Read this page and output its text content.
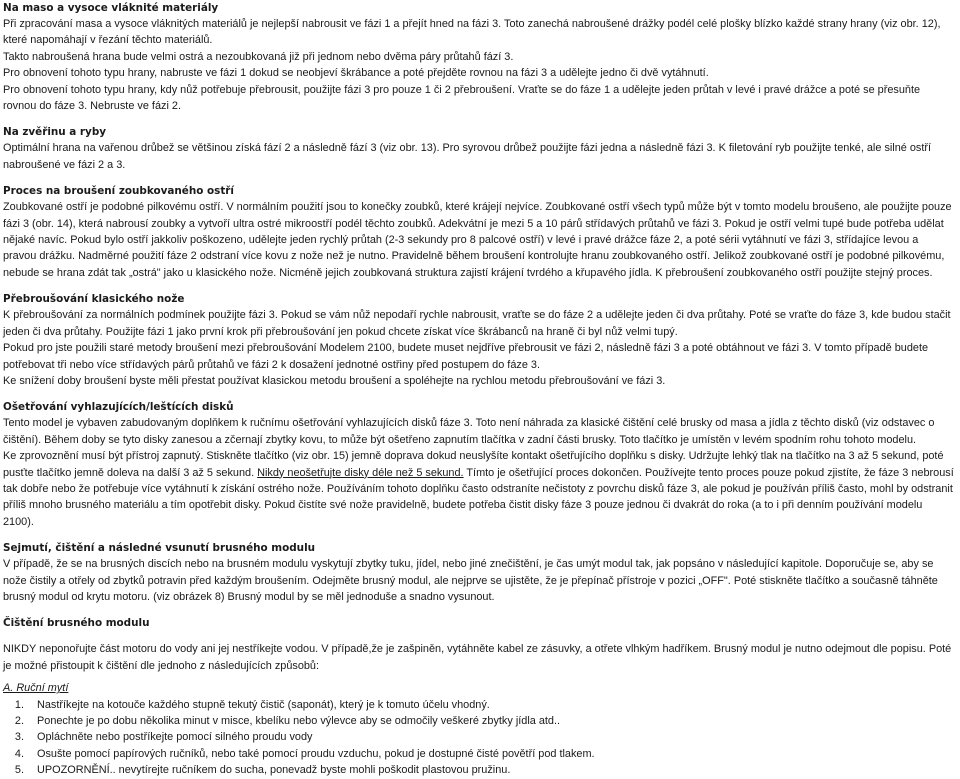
Na maso a vysoce vláknité materiály

Při zpracování masa a vysoce vláknitých materiálů je nejlepší nabrousit ve fázi 1 a přejít hned na fázi 3. Toto zanechá nabroušené drážky podél celé plošky blízko každé strany hrany (viz obr. 12), které napomáhají v řezání těchto materiálů.

Takto nabroušená hrana bude velmi ostrá a nezoubkovaná již při jednom nebo dvěma páry průtahů fází 3.

Pro obnovení tohoto typu hrany, nabruste ve fázi 1 dokud se neobjeví škrábance a poté přejděte rovnou na fázi 3 a udělejte jedno či dvě vytáhnutí.

Pro obnovení tohoto typu hrany, kdy nůž potřebuje přebrousit, použijte fázi 3 pro pouze 1 či 2 přebroušení. Vraťte se do fáze 1 a udělejte jeden průtah v levé i pravé drážce a poté se přesuňte rovnou do fáze 3. Nebruste ve fázi 2.

Na zvěřinu a ryby

Optimální hrana na vařenou drůbež se většinou získá fází 2 a následně fází 3 (viz obr. 13). Pro syrovou drůbež použijte fázi jedna a následně fázi 3. K filetování ryb použijte tenké, ale silné ostří nabroušené ve fázi 2 a 3.

Proces na broušení zoubkovaného ostří

Zoubkované ostří je podobné pilkovému ostří. V normálním použití jsou to konečky zoubků, které krájejí nejvíce. Zoubkované ostří všech typů může být v tomto modelu broušeno, ale použijte pouze fázi 3 (obr. 14), která nabrousí zoubky a vytvoří ultra ostré mikroostří podél těchto zoubků. Adekvátní je mezi 5 a 10 párů střídavých průtahů ve fázi 3. Pokud je ostří velmi tupé bude potřeba udělat nějaké navíc. Pokud bylo ostří jakkoliv poškozeno, udělejte jeden rychlý průtah (2-3 sekundy pro 8 palcové ostří) v levé i pravé drážce fáze 2, a poté sérii vytáhnutí ve fázi 3, střídajíce levou a pravou drážku. Nadměrné použití fáze 2 odstraní více kovu z nože než je nutno. Pravidelně během broušení kontrolujte hranu zoubkovaného ostří. Jelikož zoubkované ostří je podobné pilkovému, nebude se hrana zdát tak „ostrá" jako u klasického nože. Nicméně jejich zoubkovaná struktura zajistí krájení tvrdého a křupavého jídla. K přebroušení zoubkovaného ostří použijte stejný proces.

Přebroušování klasického nože

K přebroušování za normálních podmínek použijte fázi 3. Pokud se vám nůž nepodaří rychle nabrousit, vraťte se do fáze 2 a udělejte jeden či dva průtahy. Poté se vraťte do fáze 3, kde budou stačit jeden či dva průtahy. Použijte fázi 1 jako první krok při přebroušování jen pokud chcete získat více škrábanců na hraně či byl nůž velmi tupý.

Pokud pro jste použili staré metody broušení mezi přebroušování Modelem 2100, budete muset nejdříve přebrousit ve fázi 2, následně fázi 3 a poté obtáhnout ve fázi 3. V tomto případě budete potřebovat tři nebo více střídavých párů průtahů ve fázi 2 k dosažení jednotné ostřiny před postupem do fáze 3.

Ke snížení doby broušení byste měli přestat používat klasickou metodu broušení a spoléhejte na rychlou metodu přebroušování ve fázi 3.

Ošetřování vyhlazujících/leštících disků

Tento model je vybaven zabudovaným doplňkem k ručnímu ošetřování vyhlazujících disků fáze 3. Toto není náhrada za klasické čištění celé brusky od masa a jídla z těchto disků (viz odstavec o čištění). Během doby se tyto disky zanesou a zčernají zbytky kovu, to může být ošetřeno zapnutím tlačítka v zadní části brusky. Toto tlačítko je umístěn v levém spodním rohu tohoto modelu.

Ke zprovoznění musí být přístroj zapnutý. Stiskněte tlačítko (viz obr. 15) jemně doprava dokud neuslyšíte kontakt ošetřujícího doplňku s disky. Udržujte lehký tlak na tlačítko na 3 až 5 sekund, poté pusťte tlačítko jemně doleva na další 3 až 5 sekund. Nikdy neošetřujte disky déle než 5 sekund. Tímto je ošetřující proces dokončen. Používejte tento proces pouze pokud zjistíte, že fáze 3 nebrousí tak dobře nebo že potřebuje více vytáhnutí k získání ostrého nože. Používáním tohoto doplňku často odstraníte nečistoty z povrchu disků fáze 3, ale pokud je používán příliš často, mohl by odstranit příliš mnoho brusného materiálu a tím opotřebit disky. Pokud čistíte své nože pravidelně, budete potřeba čistit disky fáze 3 pouze jednou či dvakrát do roka (a to i při denním používání modelu 2100).

Sejmutí, čištění a následné vsunutí brusného modulu

V případě, že se na brusných discích nebo na brusném modulu vyskytují zbytky tuku, jídel, nebo jiné znečištění, je čas umýt modul tak, jak popsáno v následující kapitole. Doporučuje se, aby se nože čistily a otřely od zbytků potravin před každým broušením. Odejměte brusný modul, ale nejprve se ujistěte, že je přepínač přístroje v pozici „OFF". Poté stiskněte tlačítko a současně táhněte brusný modul od krytu motoru. (viz obrázek 8) Brusný modul by se měl jednoduše a snadno vysunout.

Čištění brusného modulu

NIKDY neponořujte část motoru do vody ani jej nestříkejte vodou. V případě,že je zašpiněn, vytáhněte kabel ze zásuvky, a otřete vlhkým hadříkem. Brusný modul je nutno odejmout dle popisu. Poté je možné přistoupit k čištění dle jednoho z následujících způsobů:

A. Ruční mytí

1. Nastříkejte na kotouče každého stupně tekutý čistič (saponát), který je k tomuto účelu vhodný.
2. Ponechte je po dobu několika minut v misce, kbelíku nebo výlevce aby se odmočily veškeré zbytky jídla atd..
3. Opláchněte nebo postříkejte pomocí silného proudu vody
4. Osušte pomocí papírových ručníků, nebo také pomocí proudu vzduchu, pokud je dostupné čisté povětří pod tlakem.
5. UPOZORNĚNÍ.. nevytírejte ručníkem do sucha, ponevadž byste mohli poškodit plastovou pružinu.
